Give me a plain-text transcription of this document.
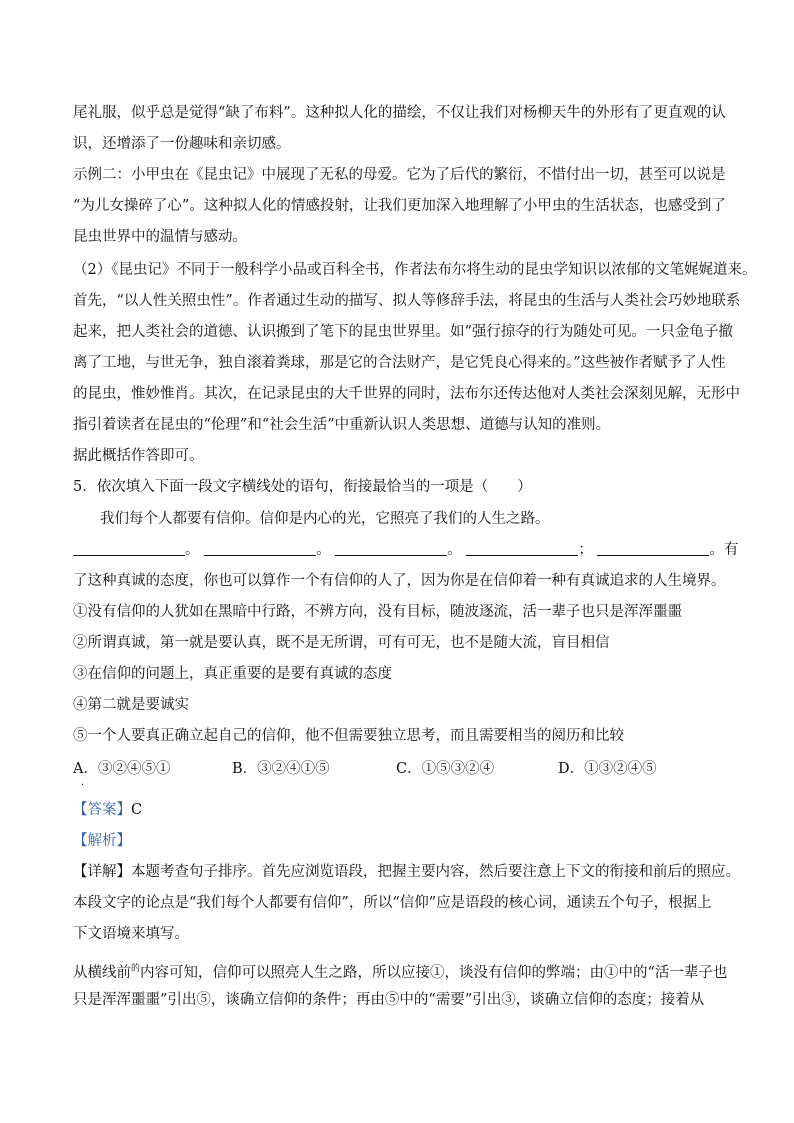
尾礼服，似乎总是觉得“缺了布料”。这种拟人化的描绘，不仅让我们对杨柳天牛的外形有了更直观的认
识，还增添了一份趣味和亲切感。
示例二：小甲虫在《昆虫记》中展现了无私的母爱。它为了后代的繁衍，不惜付出一切，甚至可以说是
“为儿女操碎了心”。这种拟人化的情感投射，让我们更加深入地理解了小甲虫的生活状态，也感受到了
昆虫世界中的温情与感动。
（2）《昆虫记》不同于一般科学小品或百科全书，作者法布尔将生动的昆虫学知识以浓郁的文笔娓娓道来。
首先，“以人性关照虫性”。作者通过生动的描写、拟人等修辞手法，将昆虫的生活与人类社会巧妙地联系
起来，把人类社会的道德、认识搬到了笔下的昆虫世界里。如“强行掠夺的行为随处可见。一只金龟子撤
离了工地，与世无争，独自滚着粪球，那是它的合法财产，是它凭良心得来的。”这些被作者赋予了人性
的昆虫，惟妙惟肖。其次，在记录昆虫的大千世界的同时，法布尔还传达他对人类社会深刻见解，无形中
指引着读者在昆虫的“伦理”和“社会生活”中重新认识人类思想、道德与认知的准则。
据此概括作答即可。
5．依次填入下面一段文字横线处的语句，衔接最恰当的一项是（　　）
我们每个人都要有信仰。信仰是内心的光，它照亮了我们的人生之路。
。	。	。	；	。有
了这种真诚的态度，你也可以算作一个有信仰的人了，因为你是在信仰着一种有真诚追求的人生境界。
①没有信仰的人犹如在黑暗中行路，不辨方向，没有目标，随波逐流，活一辈子也只是浑浑噩噩
②所谓真诚，第一就是要认真，既不是无所谓，可有可无，也不是随大流，盲目相信
③在信仰的问题上，真正重要的是要有真诚的态度
④第二就是要诚实
⑤一个人要真正确立起自己的信仰，他不但需要独立思考，而且需要相当的阅历和比较
A．③②④⑤①	B．③②④①⑤	C．①⑤③②④	D．①③②④⑤
·
【答案】C
【解析】
【详解】本题考查句子排序。首先应浏览语段，把握主要内容，然后要注意上下文的衔接和前后的照应。
本段文字的论点是“我们每个人都要有信仰”，所以“信仰”应是语段的核心词，通读五个句子，根据上
下文语境来填写。
从横线前$^的$内容可知，信仰可以照亮人生之路，所以应接①，谈没有信仰的弊端；由①中的“活一辈子也
只是浑浑噩噩”引出⑤，谈确立信仰的条件；再由⑤中的“需要”引出③，谈确立信仰的态度；接着从
